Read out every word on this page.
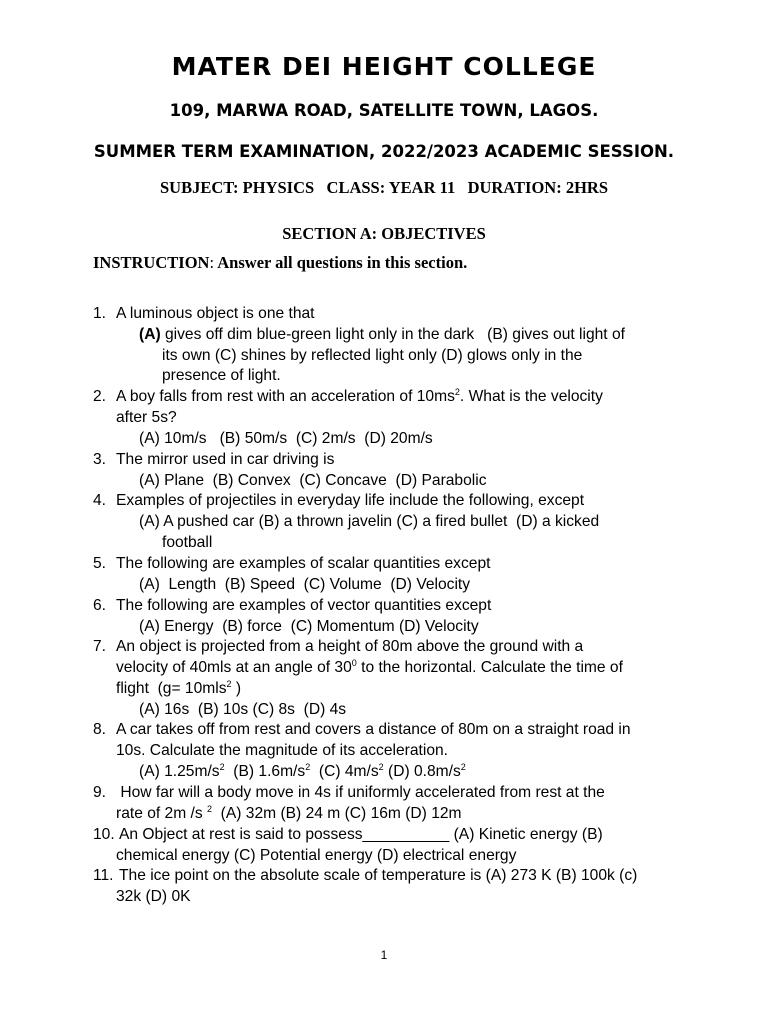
MATER DEI HEIGHT COLLEGE
109, MARWA ROAD, SATELLITE TOWN, LAGOS.
SUMMER TERM EXAMINATION, 2022/2023 ACADEMIC SESSION.
SUBJECT: PHYSICS   CLASS: YEAR 11   DURATION: 2HRS
SECTION A: OBJECTIVES
INSTRUCTION: Answer all questions in this section.
1. A luminous object is one that
(A) gives off dim blue-green light only in the dark   (B) gives out light of
its own (C) shines by reflected light only (D) glows only in the
presence of light.
2. A boy falls from rest with an acceleration of $10ms^2$. What is the velocity
after 5s?
(A) 10m/s   (B) 50m/s  (C) 2m/s  (D) 20m/s
3. The mirror used in car driving is
(A) Plane  (B) Convex  (C) Concave  (D) Parabolic
4. Examples of projectiles in everyday life include the following, except
(A) A pushed car (B) a thrown javelin (C) a fired bullet  (D) a kicked
football
5. The following are examples of scalar quantities except
(A)  Length  (B) Speed  (C) Volume  (D) Velocity
6. The following are examples of vector quantities except
(A) Energy  (B) force  (C) Momentum (D) Velocity
7. An object is projected from a height of 80m above the ground with a
velocity of 40mls at an angle of $30^0$ to the horizontal. Calculate the time of
flight  (g= 10mls$^2$ )
(A) 16s  (B) 10s (C) 8s  (D) 4s
8. A car takes off from rest and covers a distance of 80m on a straight road in
10s. Calculate the magnitude of its acceleration.
(A) $1.25m/s^2$  (B) $1.6m/s^2$  (C) $4m/s^2$ (D) $0.8m/s^2$
9. How far will a body move in 4s if uniformly accelerated from rest at the
rate of 2m /s $^2$  (A) 32m (B) 24 m (C) 16m (D) 12m
10. An Object at rest is said to possess__________ (A) Kinetic energy (B)
chemical energy (C) Potential energy (D) electrical energy
11. The ice point on the absolute scale of temperature is (A) 273 K (B) 100k (c)
32k (D) 0K
1
